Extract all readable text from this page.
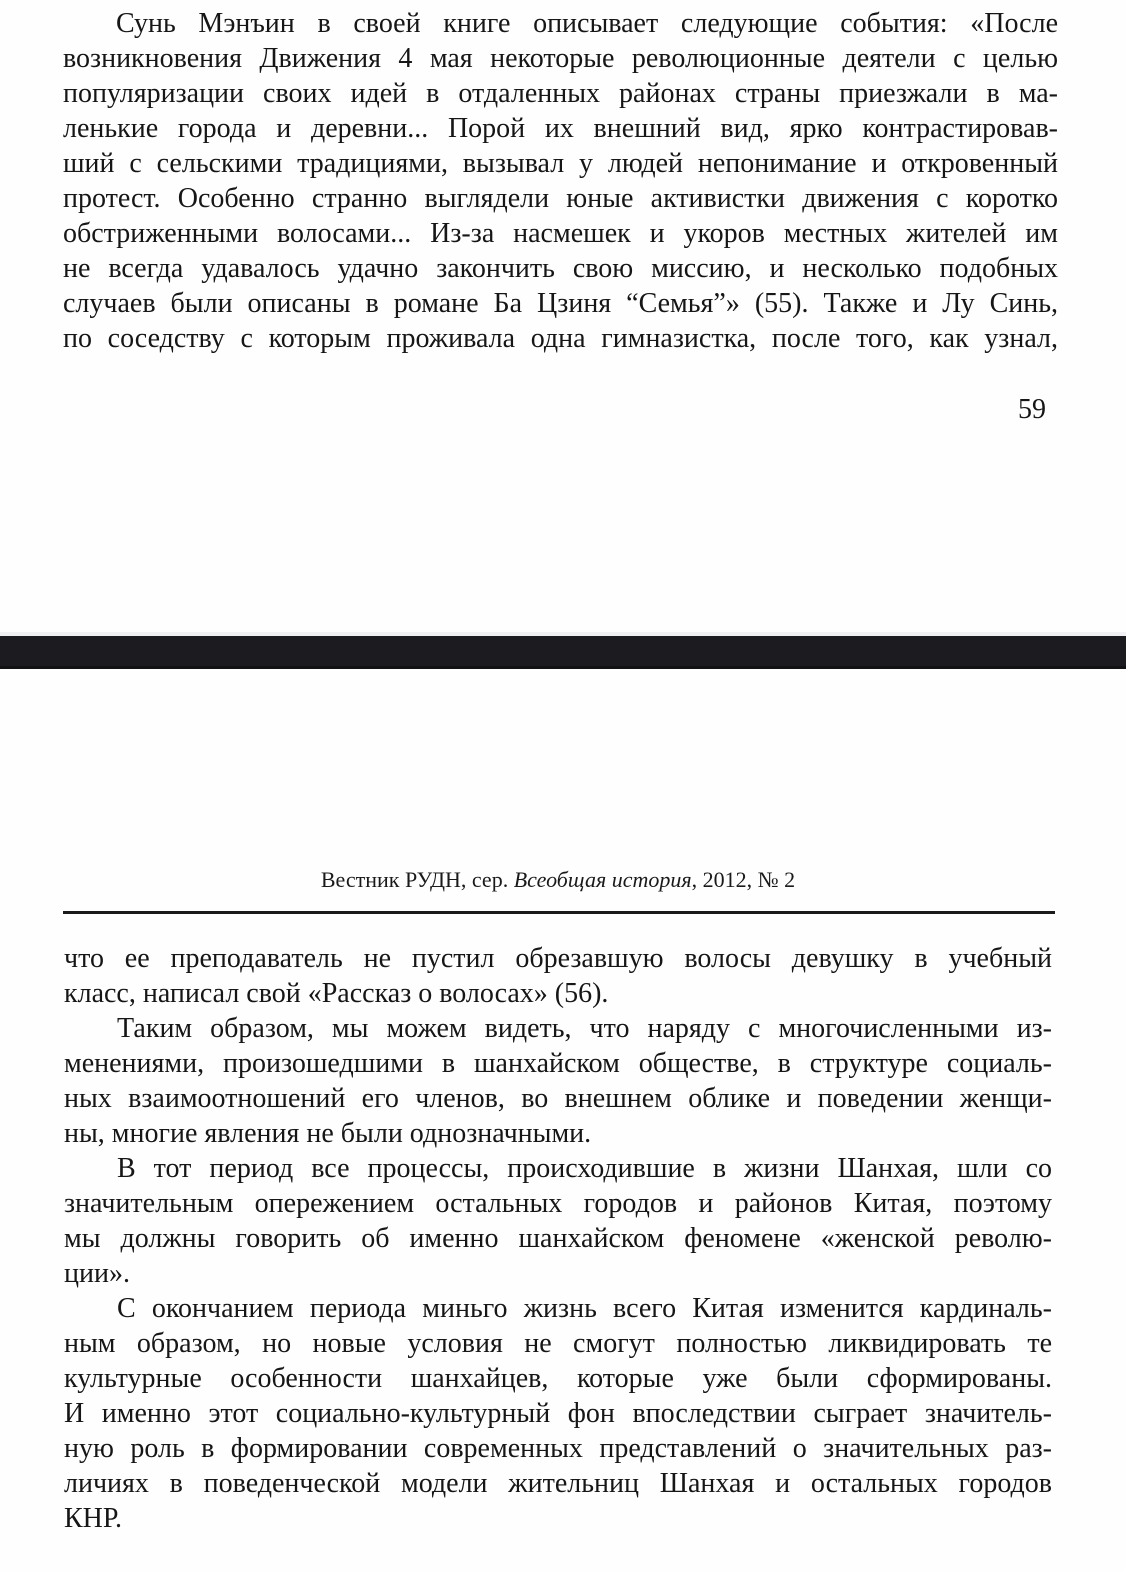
Сунь Мэнъин в своей книге описывает следующие события: «После
возникновения Движения 4 мая некоторые революционные деятели с целью
популяризации своих идей в отдаленных районах страны приезжали в ма-
ленькие города и деревни... Порой их внешний вид, ярко контрастировав-
ший с сельскими традициями, вызывал у людей непонимание и откровенный
протест. Особенно странно выглядели юные активистки движения с коротко
обстриженными волосами... Из-за насмешек и укоров местных жителей им
не всегда удавалось удачно закончить свою миссию, и несколько подобных
случаев были описаны в романе Ба Цзиня “Семья”» (55). Также и Лу Синь,
по соседству с которым проживала одна гимназистка, после того, как узнал,
59
Вестник РУДН, сер. Всеобщая история, 2012, № 2
что ее преподаватель не пустил обрезавшую волосы девушку в учебный
класс, написал свой «Рассказ о волосах» (56).
Таким образом, мы можем видеть, что наряду с многочисленными из-
менениями, произошедшими в шанхайском обществе, в структуре социаль-
ных взаимоотношений его членов, во внешнем облике и поведении женщи-
ны, многие явления не были однозначными.
В тот период все процессы, происходившие в жизни Шанхая, шли со
значительным опережением остальных городов и районов Китая, поэтому
мы должны говорить об именно шанхайском феномене «женской револю-
ции».
С окончанием периода миньго жизнь всего Китая изменится кардиналь-
ным образом, но новые условия не смогут полностью ликвидировать те
культурные особенности шанхайцев, которые уже были сформированы.
И именно этот социально-культурный фон впоследствии сыграет значитель-
ную роль в формировании современных представлений о значительных раз-
личиях в поведенческой модели жительниц Шанхая и остальных городов
КНР.
